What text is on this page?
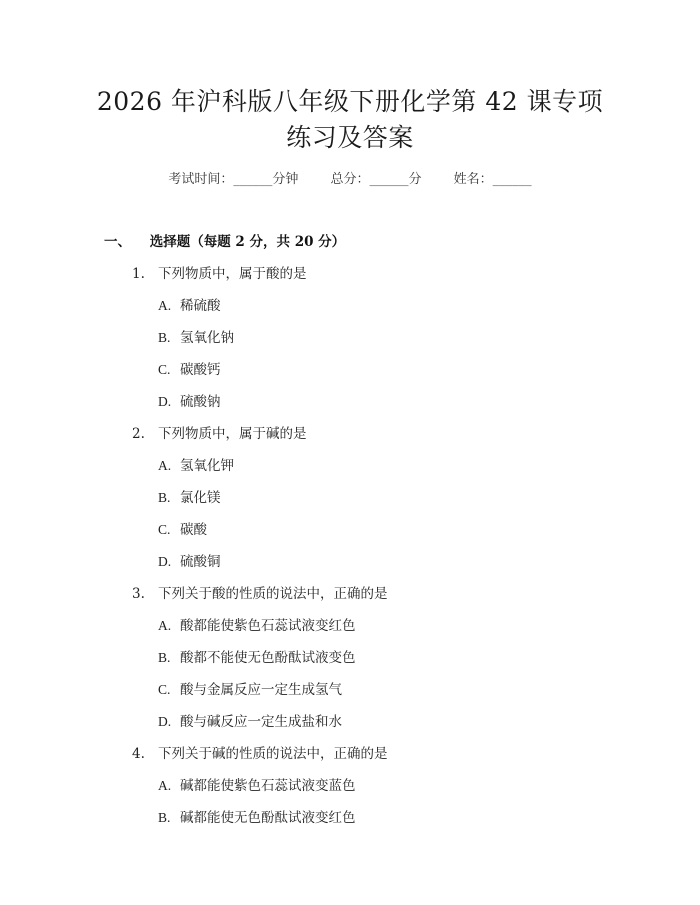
2026 年沪科版八年级下册化学第 42 课专项
练习及答案
考试时间：______分钟 总分：______分 姓名：______
一、 选择题（每题 2 分，共 20 分）
1. 下列物质中，属于酸的是
A. 稀硫酸
B. 氢氧化钠
C. 碳酸钙
D. 硫酸钠
2. 下列物质中，属于碱的是
A. 氢氧化钾
B. 氯化镁
C. 碳酸
D. 硫酸铜
3. 下列关于酸的性质的说法中，正确的是
A. 酸都能使紫色石蕊试液变红色
B. 酸都不能使无色酚酞试液变色
C. 酸与金属反应一定生成氢气
D. 酸与碱反应一定生成盐和水
4. 下列关于碱的性质的说法中，正确的是
A. 碱都能使紫色石蕊试液变蓝色
B. 碱都能使无色酚酞试液变红色
